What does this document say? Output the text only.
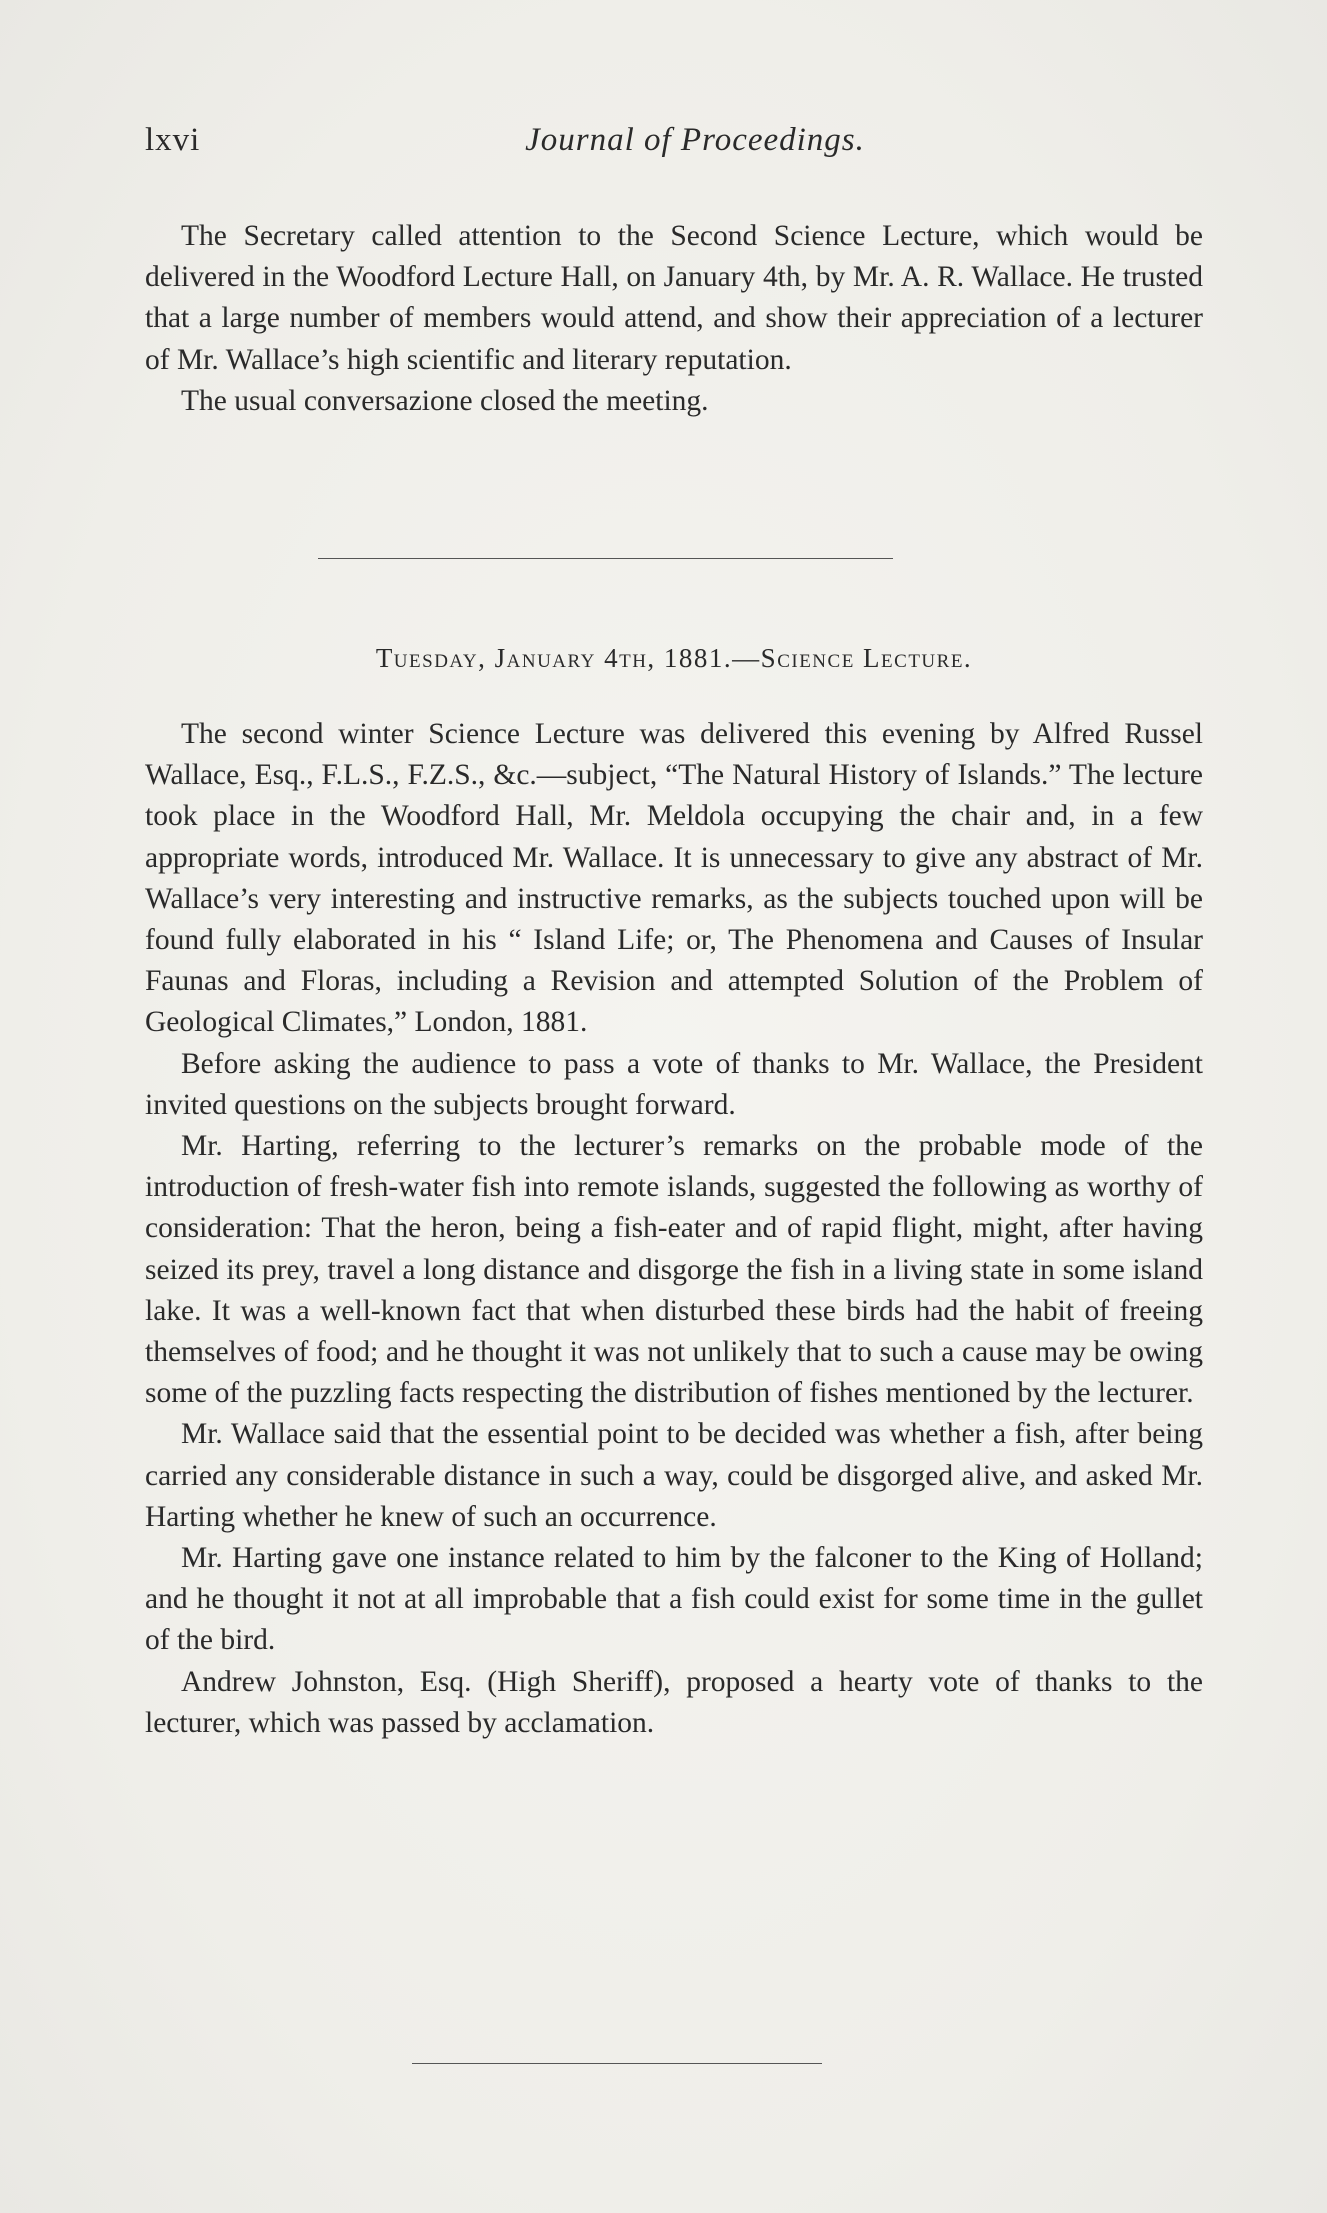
lxvi	Journal of Proceedings.

The Secretary called attention to the Second Science Lecture, which would be delivered in the Woodford Lecture Hall, on January 4th, by Mr. A. R. Wallace. He trusted that a large number of members would attend, and show their appreciation of a lecturer of Mr. Wallace’s high scientific and literary reputation.

The usual conversazione closed the meeting.

Tuesday, January 4th, 1881.—Science Lecture.

The second winter Science Lecture was delivered this evening by Alfred Russel Wallace, Esq., F.L.S., F.Z.S., &c.—subject, “The Natural History of Islands.” The lecture took place in the Woodford Hall, Mr. Meldola occupying the chair and, in a few appropriate words, introduced Mr. Wallace. It is unnecessary to give any abstract of Mr. Wallace’s very interesting and instructive remarks, as the subjects touched upon will be found fully elaborated in his “ Island Life; or, The Phenomena and Causes of Insular Faunas and Floras, including a Revision and attempted Solution of the Problem of Geological Climates,” London, 1881.

Before asking the audience to pass a vote of thanks to Mr. Wallace, the President invited questions on the subjects brought forward.

Mr. Harting, referring to the lecturer’s remarks on the probable mode of the introduction of fresh-water fish into remote islands, suggested the following as worthy of consideration: That the heron, being a fish-eater and of rapid flight, might, after having seized its prey, travel a long distance and disgorge the fish in a living state in some island lake. It was a well-known fact that when disturbed these birds had the habit of freeing themselves of food; and he thought it was not unlikely that to such a cause may be owing some of the puzzling facts respecting the distribution of fishes mentioned by the lecturer.

Mr. Wallace said that the essential point to be decided was whether a fish, after being carried any considerable distance in such a way, could be disgorged alive, and asked Mr. Harting whether he knew of such an occurrence.

Mr. Harting gave one instance related to him by the falconer to the King of Holland; and he thought it not at all improbable that a fish could exist for some time in the gullet of the bird.

Andrew Johnston, Esq. (High Sheriff), proposed a hearty vote of thanks to the lecturer, which was passed by acclamation.
